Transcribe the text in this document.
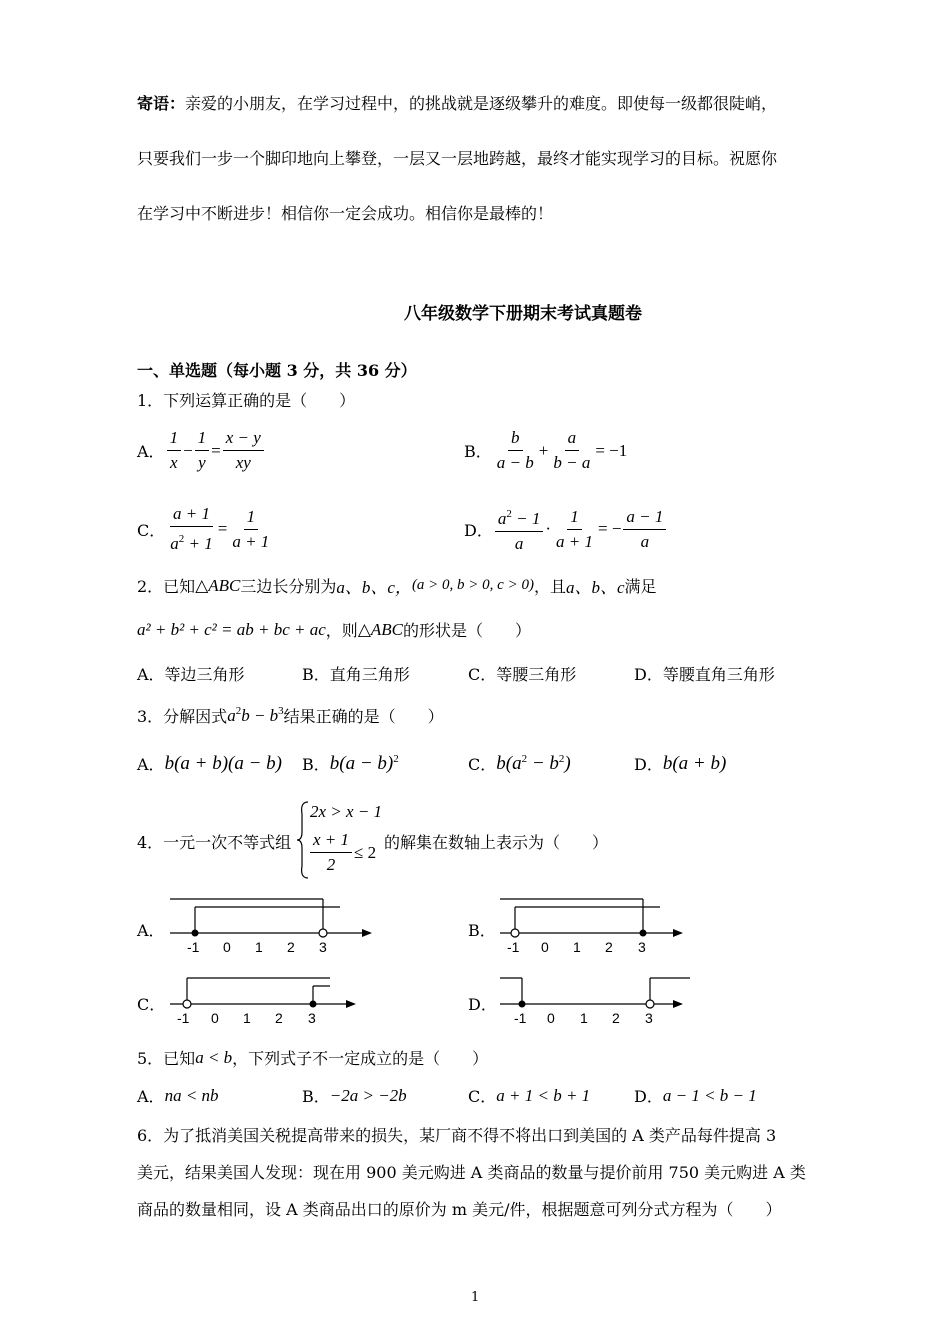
寄语：亲爱的小朋友，在学习过程中，的挑战就是逐级攀升的难度。即使每一级都很陡峭，
只要我们一步一个脚印地向上攀登，一层又一层地跨越，最终才能实现学习的目标。祝愿你
在学习中不断进步！相信你一定会成功。相信你是最棒的！
八年级数学下册期末考试真题卷
一、单选题（每小题 3 分，共 36 分）
1．下列运算正确的是（　　）
A． $\frac{1}{x} - \frac{1}{y} = \frac{x - y}{xy}$	B． $\frac{b}{a - b} + \frac{a}{b - a} = -1$
C． $\frac{a + 1}{a^2 + 1} = \frac{1}{a + 1}$	D． $\frac{a^2 - 1}{a} \cdot \frac{1}{a + 1}$ = − $\frac{a - 1}{a}$
2．已知 △ABC 三边长分别为 a、b、c， (a > 0, b > 0, c > 0) ，且 a、b、c 满足
a² + b² + c² = ab + bc + ac ，则 △ABC 的形状是（　　）
A．等边三角形	B．直角三角形	C．等腰三角形	D．等腰直角三角形
3．分解因式 $a^2b - b^3$ 结果正确的是（　　）
A． b(a + b)(a − b) B． $b(a - b)^2$	C． $b(a^2 - b^2)$	D． b(a + b)
4．一元一次不等式组
2x > x − 1
$\frac{x + 1}{2} \le 2$ 的解集在数轴上表示为（　　）
A．
-1 0 1 2 3
B．
-1 0 1 2 3
C．
-1 0 1 2 3
D．
-1 0 1 2 3
5．已知 a < b ，下列式子不一定成立的是（　　）
A． na < nb	B． −2a > −2b	C． a + 1 < b + 1	D． a − 1 < b − 1
6．为了抵消美国关税提高带来的损失，某厂商不得不将出口到美国的 A 类产品每件提高 3
美元，结果美国人发现：现在用 900 美元购进 A 类商品的数量与提价前用 750 美元购进 A 类
商品的数量相同，设 A 类商品出口的原价为 m 美元/件，根据题意可列分式方程为（　　）
1
